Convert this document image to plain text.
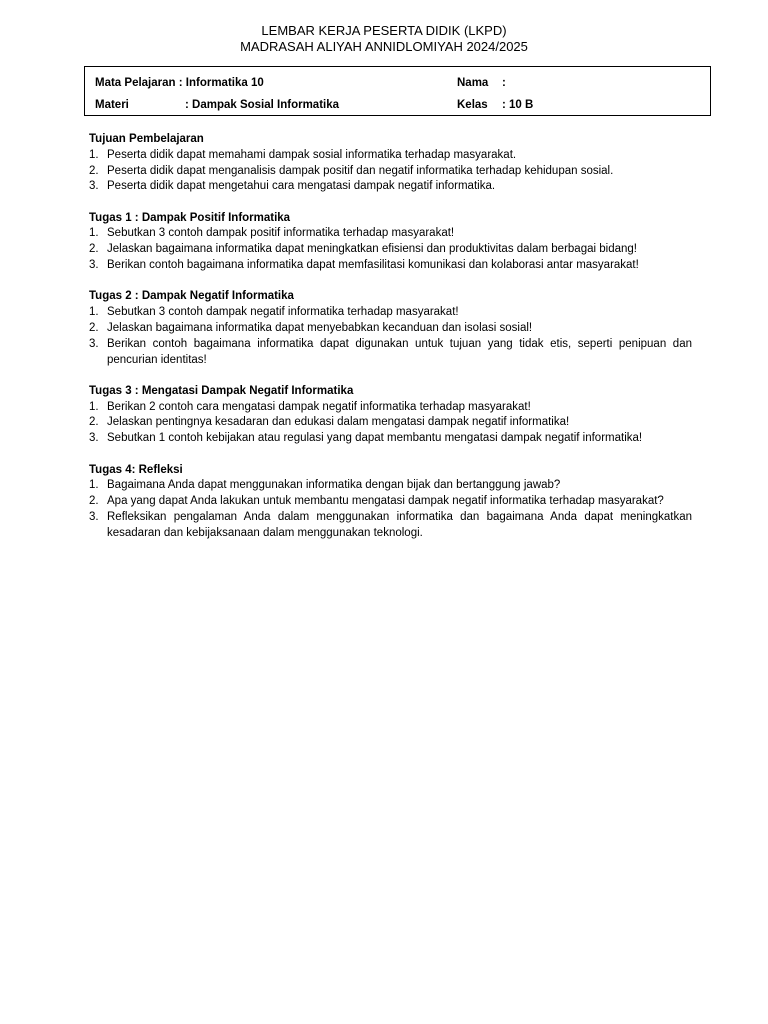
LEMBAR KERJA PESERTA DIDIK (LKPD)
MADRASAH ALIYAH ANNIDLOMIYAH 2024/2025
Mata Pelajaran : Informatika 10
Materi	: Dampak Sosial Informatika
Nama :
Kelas : 10 B
Tujuan Pembelajaran
1. Peserta didik dapat memahami dampak sosial informatika terhadap masyarakat.
2. Peserta didik dapat menganalisis dampak positif dan negatif informatika terhadap kehidupan sosial.
3. Peserta didik dapat mengetahui cara mengatasi dampak negatif informatika.
Tugas 1 : Dampak Positif Informatika
1. Sebutkan 3 contoh dampak positif informatika terhadap masyarakat!
2. Jelaskan bagaimana informatika dapat meningkatkan efisiensi dan produktivitas dalam berbagai bidang!
3. Berikan contoh bagaimana informatika dapat memfasilitasi komunikasi dan kolaborasi antar masyarakat!
Tugas 2 : Dampak Negatif Informatika
1. Sebutkan 3 contoh dampak negatif informatika terhadap masyarakat!
2. Jelaskan bagaimana informatika dapat menyebabkan kecanduan dan isolasi sosial!
3. Berikan contoh bagaimana informatika dapat digunakan untuk tujuan yang tidak etis, seperti penipuan dan pencurian identitas!
Tugas 3 : Mengatasi Dampak Negatif Informatika
1. Berikan 2 contoh cara mengatasi dampak negatif informatika terhadap masyarakat!
2. Jelaskan pentingnya kesadaran dan edukasi dalam mengatasi dampak negatif informatika!
3. Sebutkan 1 contoh kebijakan atau regulasi yang dapat membantu mengatasi dampak negatif informatika!
Tugas 4: Refleksi
1. Bagaimana Anda dapat menggunakan informatika dengan bijak dan bertanggung jawab?
2. Apa yang dapat Anda lakukan untuk membantu mengatasi dampak negatif informatika terhadap masyarakat?
3. Refleksikan pengalaman Anda dalam menggunakan informatika dan bagaimana Anda dapat meningkatkan kesadaran dan kebijaksanaan dalam menggunakan teknologi.
